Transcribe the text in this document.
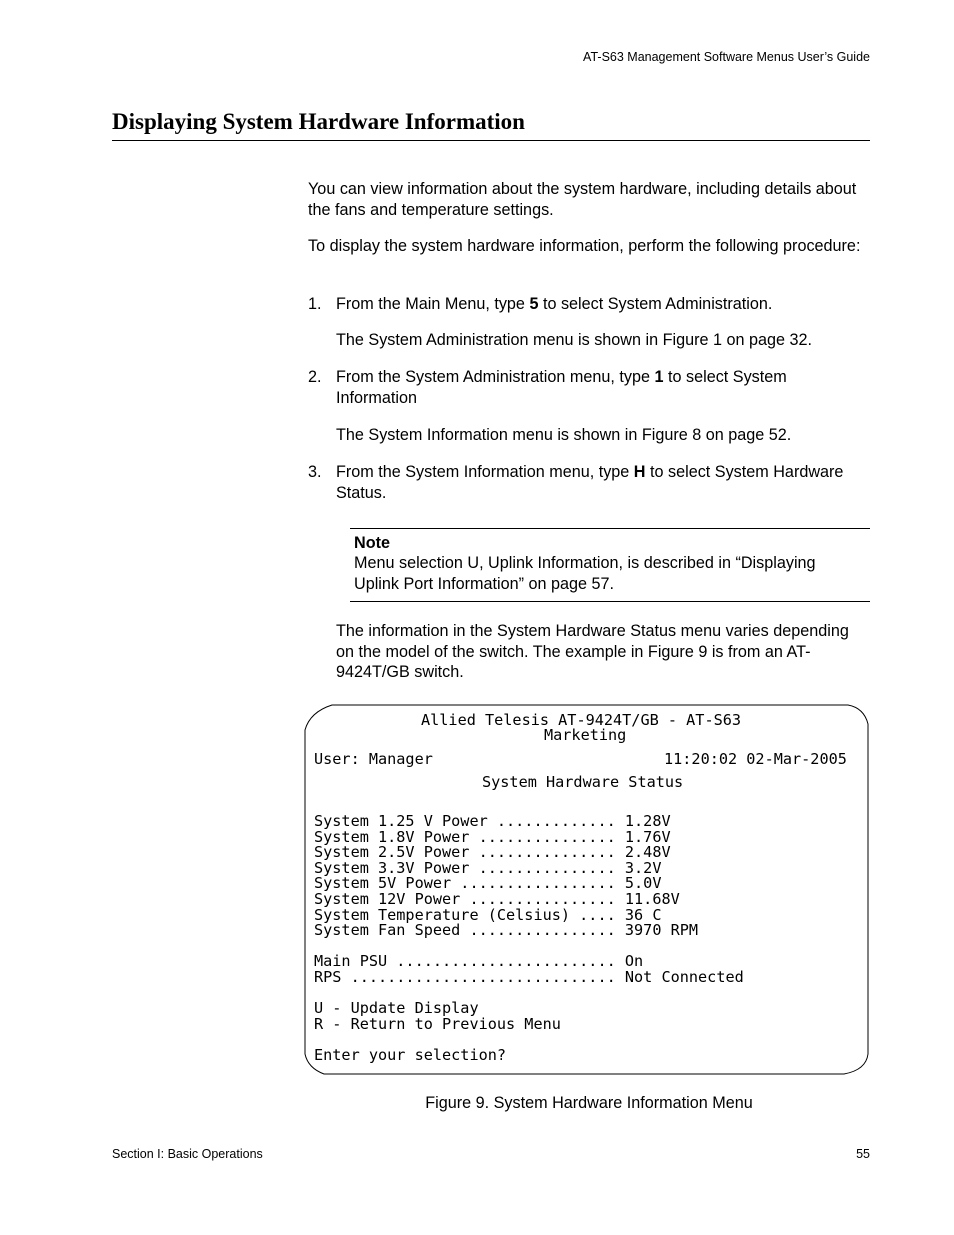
AT-S63 Management Software Menus User’s Guide
Displaying System Hardware Information
You can view information about the system hardware, including details about the fans and temperature settings.
To display the system hardware information, perform the following procedure:
1. From the Main Menu, type 5 to select System Administration.
The System Administration menu is shown in Figure 1 on page 32.
2. From the System Administration menu, type 1 to select System Information
The System Information menu is shown in Figure 8 on page 52.
3. From the System Information menu, type H to select System Hardware Status.
Note
Menu selection U, Uplink Information, is described in “Displaying Uplink Port Information” on page 57.
The information in the System Hardware Status menu varies depending on the model of the switch. The example in Figure 9 is from an AT-9424T/GB switch.
Allied Telesis AT-9424T/GB - AT-S63
Marketing
User: Manager	11:20:02 02-Mar-2005
System Hardware Status
System 1.25 V Power ............. 1.28V
System 1.8V Power ............... 1.76V
System 2.5V Power ............... 2.48V
System 3.3V Power ............... 3.2V
System 5V Power ................. 5.0V
System 12V Power ................ 11.68V
System Temperature (Celsius) .... 36 C
System Fan Speed ................ 3970 RPM
Main PSU ........................ On
RPS ............................. Not Connected
U - Update Display
R - Return to Previous Menu
Enter your selection?
Figure 9. System Hardware Information Menu
Section I: Basic Operations	55
